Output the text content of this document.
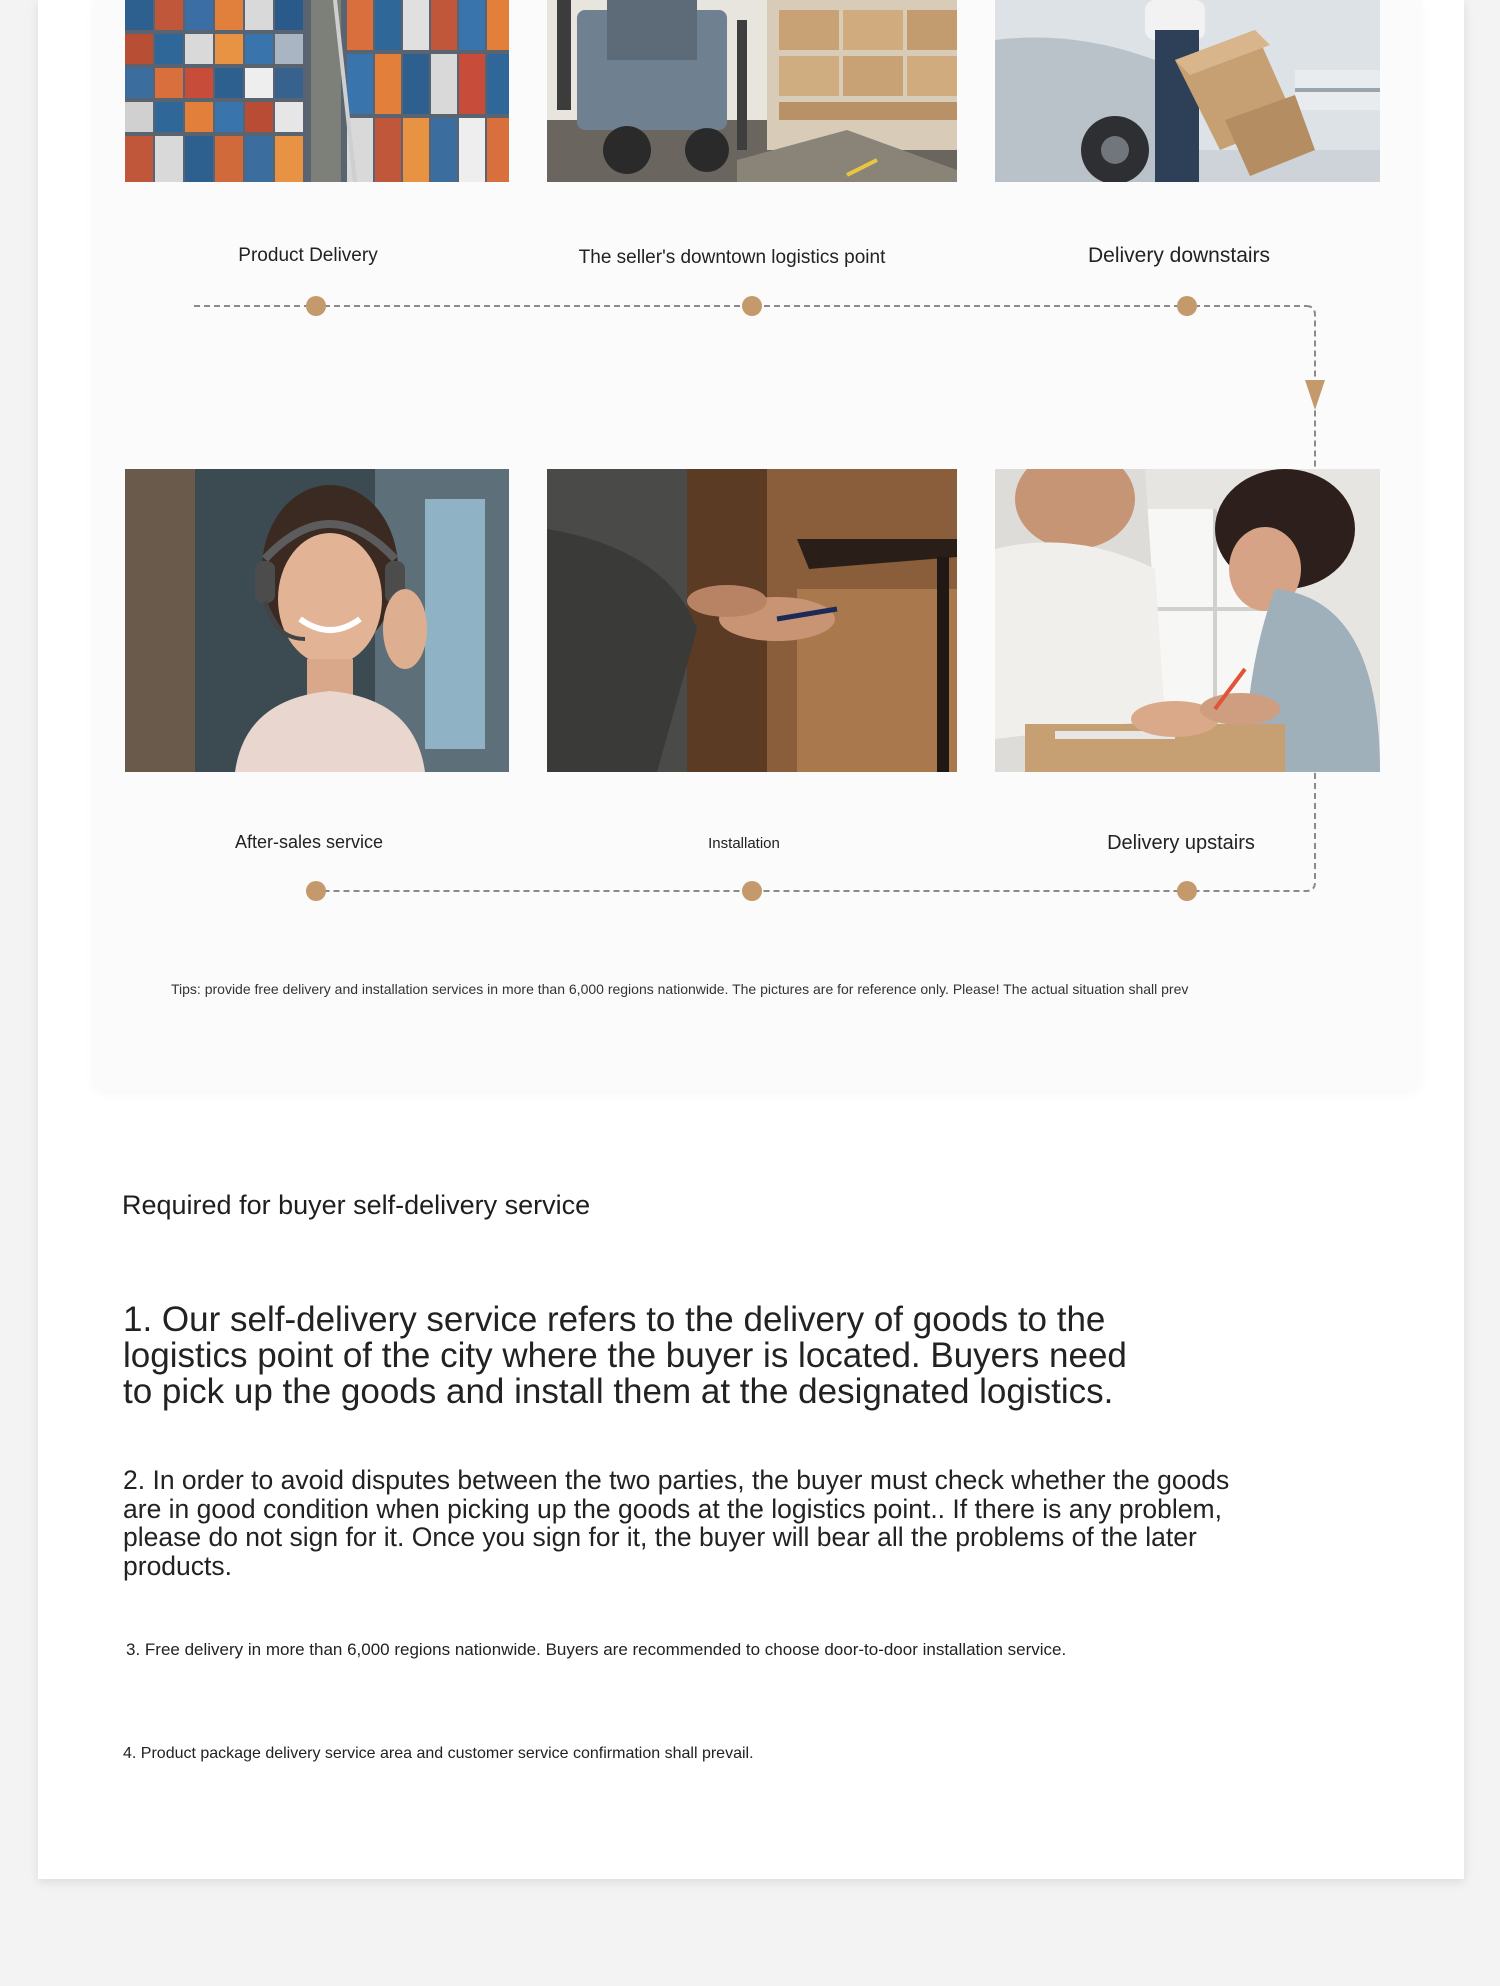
Product Delivery	The seller's downtown logistics point	Delivery downstairs
After-sales service	Installation	Delivery upstairs
Tips: provide free delivery and installation services in more than 6,000 regions nationwide. The pictures are for reference only. Please! The actual situation shall prev
Required for buyer self-delivery service
1. Our self-delivery service refers to the delivery of goods to the logistics point of the city where the buyer is located. Buyers need to pick up the goods and install them at the designated logistics.
2. In order to avoid disputes between the two parties, the buyer must check whether the goods are in good condition when picking up the goods at the logistics point.. If there is any problem, please do not sign for it. Once you sign for it, the buyer will bear all the problems of the later products.
3. Free delivery in more than 6,000 regions nationwide. Buyers are recommended to choose door-to-door installation service.
4. Product package delivery service area and customer service confirmation shall prevail.
